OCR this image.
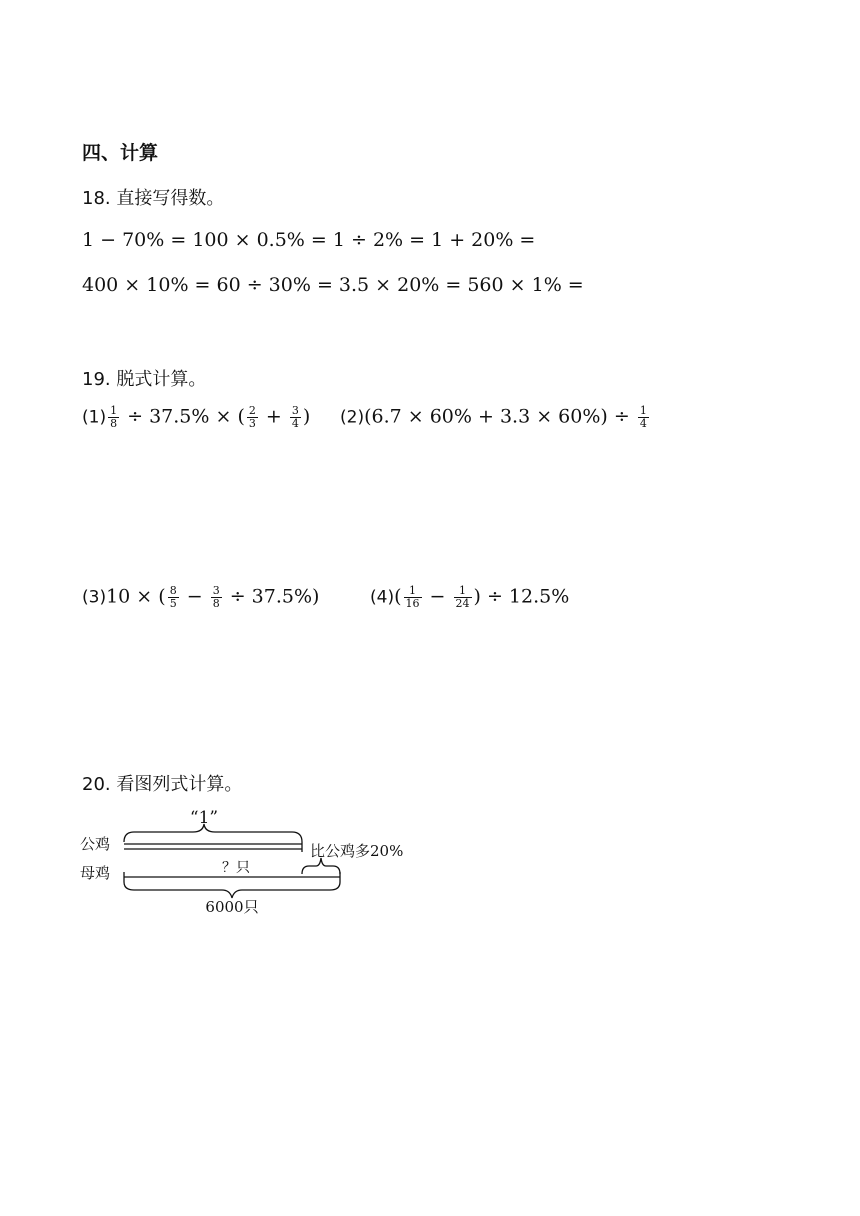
四、计算
18. 直接写得数。
1 − 70% = 100 × 0.5% = 1 ÷ 2% = 1 + 20% =
400 × 10% = 60 ÷ 30% = 3.5 × 20% = 560 × 1% =
19. 脱式计算。
$(1) \frac{1}{8} \div 37.5\%$ × ( $\frac{2}{3} + \frac{3}{4}$ ) $(2)(6.7 \times 60\% + 3.3 \times 60\%) \div \frac{1}{4}$
(3)10 × ( $\frac{8}{5} - \frac{3}{8} \div 37.5\%$)	$(4)( \frac{1}{16} - \frac{1}{24}$ ) ÷ 12.5%
20. 看图列式计算。
“1”
公鸡
？只
母鸡
比公鸡多20%
6000只
